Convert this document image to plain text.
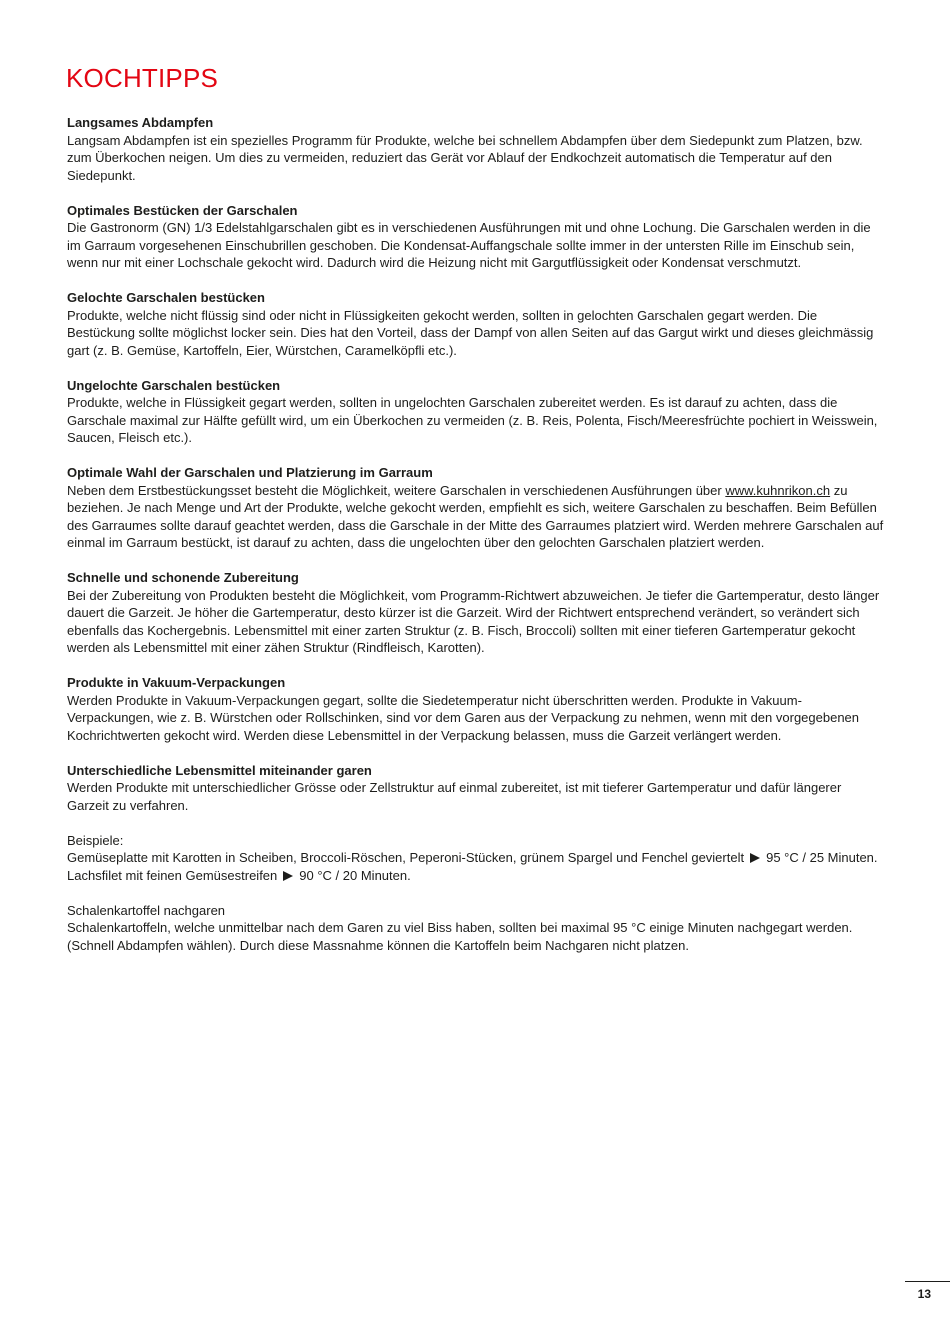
KOCHTIPPS

Langsames Abdampfen

Langsam Abdampfen ist ein spezielles Programm für Produkte, welche bei schnellem Abdampfen über dem Siedepunkt zum Platzen, bzw. zum Überkochen neigen. Um dies zu vermeiden, reduziert das Gerät vor Ablauf der Endkochzeit automatisch die Temperatur auf den Siedepunkt.

Optimales Bestücken der Garschalen

Die Gastronorm (GN) 1/3 Edelstahlgarschalen gibt es in verschiedenen Ausführungen mit und ohne Lochung. Die Garschalen werden in die im Garraum vorgesehenen Einschubrillen geschoben. Die Kondensat-Auffangschale sollte immer in der untersten Rille im Einschub sein, wenn nur mit einer Lochschale gekocht wird. Dadurch wird die Heizung nicht mit Gargutflüssigkeit oder Kondensat verschmutzt.

Gelochte Garschalen bestücken

Produkte, welche nicht flüssig sind oder nicht in Flüssigkeiten gekocht werden, sollten in gelochten Garschalen gegart werden. Die Bestückung sollte möglichst locker sein. Dies hat den Vorteil, dass der Dampf von allen Seiten auf das Gargut wirkt und dieses gleichmässig gart (z. B. Gemüse, Kartoffeln, Eier, Würstchen, Caramelköpfli etc.).

Ungelochte Garschalen bestücken

Produkte, welche in Flüssigkeit gegart werden, sollten in ungelochten Garschalen zubereitet werden. Es ist darauf zu achten, dass die Garschale maximal zur Hälfte gefüllt wird, um ein Überkochen zu vermeiden (z. B. Reis, Polenta, Fisch/Meeresfrüchte pochiert in Weisswein, Saucen, Fleisch etc.).

Optimale Wahl der Garschalen und Platzierung im Garraum

Neben dem Erstbestückungsset besteht die Möglichkeit, weitere Garschalen in verschiedenen Ausführungen über www.kuhnrikon.ch zu beziehen. Je nach Menge und Art der Produkte, welche gekocht werden, empfiehlt es sich, weitere Garschalen zu beschaffen. Beim Befüllen des Garraumes sollte darauf geachtet werden, dass die Garschale in der Mitte des Garraumes platziert wird. Werden mehrere Garschalen auf einmal im Garraum bestückt, ist darauf zu achten, dass die ungelochten über den gelochten Garschalen platziert werden.

Schnelle und schonende Zubereitung

Bei der Zubereitung von Produkten besteht die Möglichkeit, vom Programm-Richtwert abzuweichen. Je tiefer die Gartemperatur, desto länger dauert die Garzeit. Je höher die Gartemperatur, desto kürzer ist die Garzeit. Wird der Richtwert entsprechend verändert, so verändert sich ebenfalls das Kochergebnis. Lebensmittel mit einer zarten Struktur (z. B. Fisch, Broccoli) sollten mit einer tieferen Gartemperatur gekocht werden als Lebensmittel mit einer zähen Struktur (Rindfleisch, Karotten).

Produkte in Vakuum-Verpackungen

Werden Produkte in Vakuum-Verpackungen gegart, sollte die Siedetemperatur nicht überschritten werden. Produkte in Vakuum-Verpackungen, wie z. B. Würstchen oder Rollschinken, sind vor dem Garen aus der Verpackung zu nehmen, wenn mit den vorgegebenen Kochrichtwerten gekocht wird. Werden diese Lebensmittel in der Verpackung belassen, muss die Garzeit verlängert werden.

Unterschiedliche Lebensmittel miteinander garen

Werden Produkte mit unterschiedlicher Grösse oder Zellstruktur auf einmal zubereitet, ist mit tieferer Gartemperatur und dafür längerer Garzeit zu verfahren.

Beispiele:

Gemüseplatte mit Karotten in Scheiben, Broccoli-Röschen, Peperoni-Stücken, grünem Spargel und Fenchel geviertelt 95 °C / 25 Minuten.

Lachsfilet mit feinen Gemüsestreifen 90 °C / 20 Minuten.

Schalenkartoffel nachgaren

Schalenkartoffeln, welche unmittelbar nach dem Garen zu viel Biss haben, sollten bei maximal 95 °C einige Minuten nachgegart werden. (Schnell Abdampfen wählen). Durch diese Massnahme können die Kartoffeln beim Nachgaren nicht platzen.

13
